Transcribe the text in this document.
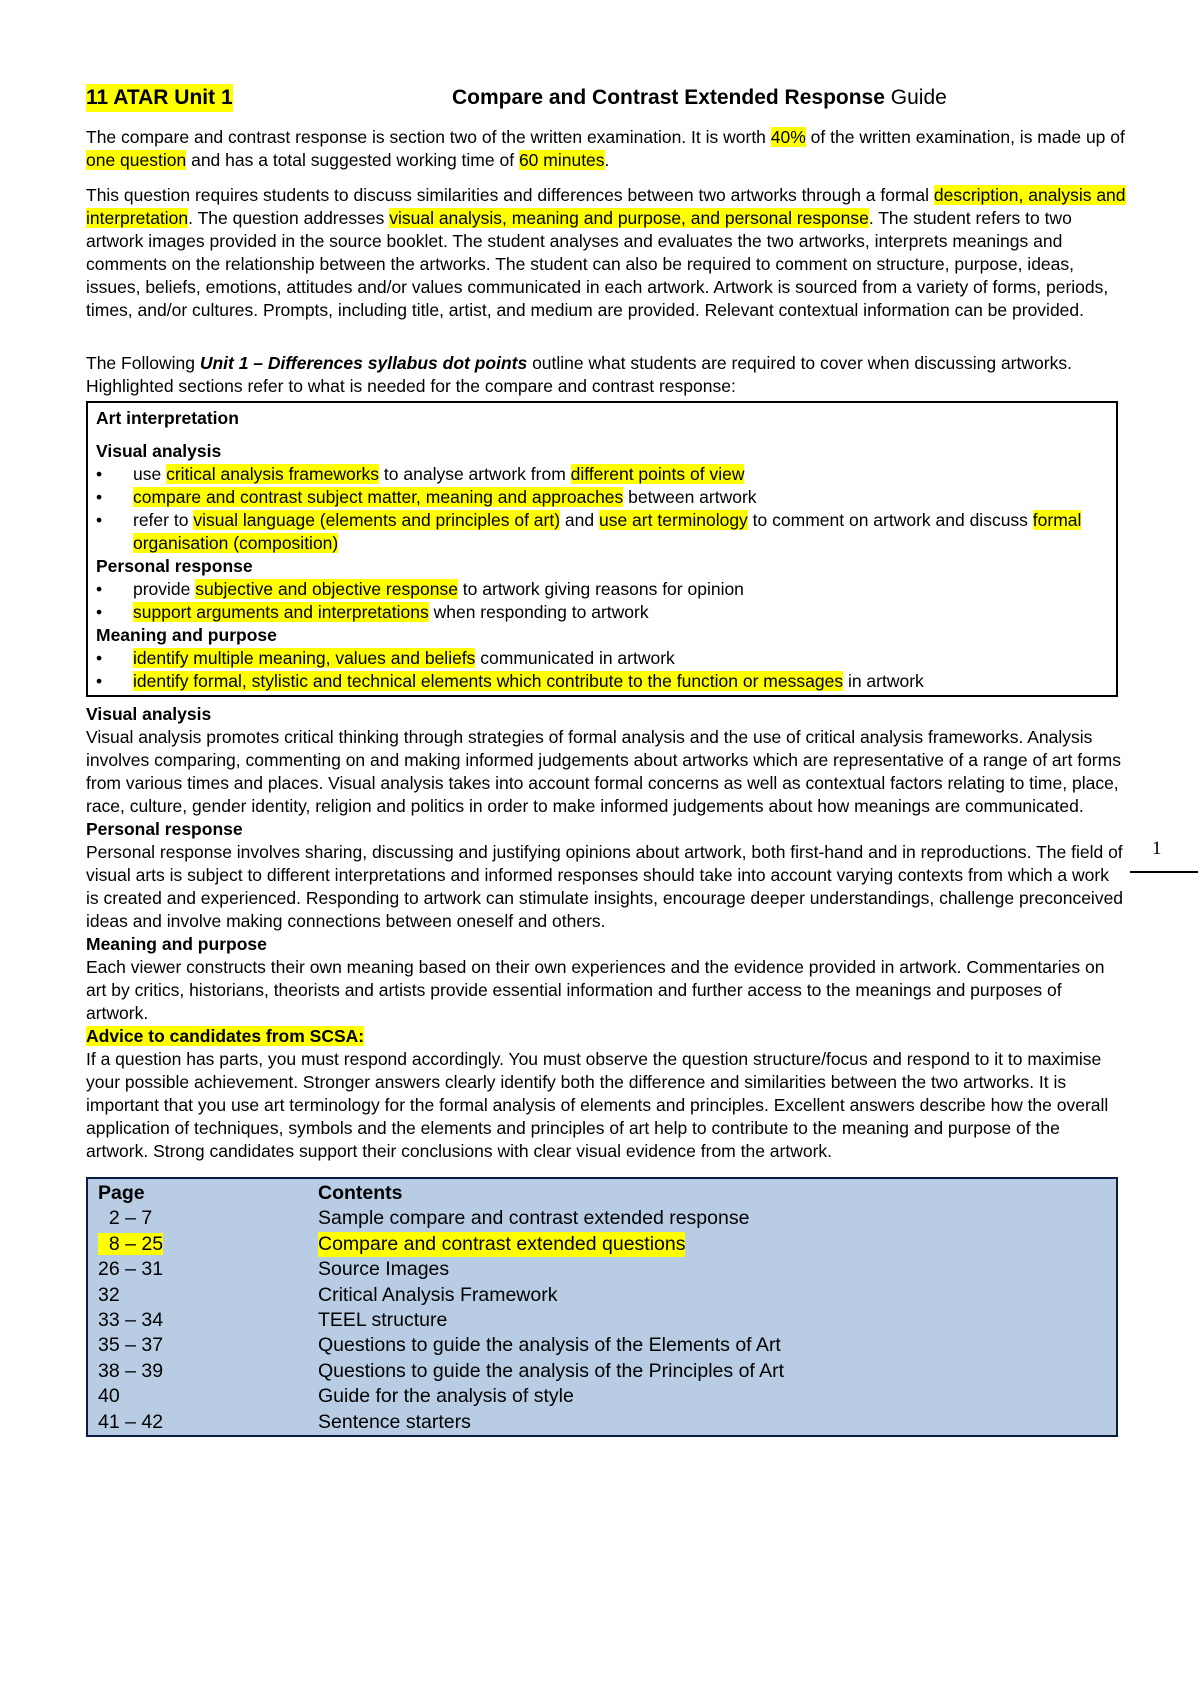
11 ATAR Unit 1	Compare and Contrast Extended Response Guide

The compare and contrast response is section two of the written examination. It is worth 40% of the written examination, is made up of one question and has a total suggested working time of 60 minutes.

This question requires students to discuss similarities and differences between two artworks through a formal description, analysis and interpretation. The question addresses visual analysis, meaning and purpose, and personal response. The student refers to two artwork images provided in the source booklet. The student analyses and evaluates the two artworks, interprets meanings and comments on the relationship between the artworks. The student can also be required to comment on structure, purpose, ideas, issues, beliefs, emotions, attitudes and/or values communicated in each artwork. Artwork is sourced from a variety of forms, periods, times, and/or cultures. Prompts, including title, artist, and medium are provided. Relevant contextual information can be provided.

The Following Unit 1 – Differences syllabus dot points outline what students are required to cover when discussing artworks. Highlighted sections refer to what is needed for the compare and contrast response:

Art interpretation
Visual analysis
• use critical analysis frameworks to analyse artwork from different points of view
• compare and contrast subject matter, meaning and approaches between artwork
• refer to visual language (elements and principles of art) and use art terminology to comment on artwork and discuss formal organisation (composition)
Personal response
• provide subjective and objective response to artwork giving reasons for opinion
• support arguments and interpretations when responding to artwork
Meaning and purpose
• identify multiple meaning, values and beliefs communicated in artwork
• identify formal, stylistic and technical elements which contribute to the function or messages in artwork
Visual analysis

Visual analysis promotes critical thinking through strategies of formal analysis and the use of critical analysis frameworks. Analysis involves comparing, commenting on and making informed judgements about artworks which are representative of a range of art forms from various times and places. Visual analysis takes into account formal concerns as well as contextual factors relating to time, place, race, culture, gender identity, religion and politics in order to make informed judgements about how meanings are communicated.

Personal response

Personal response involves sharing, discussing and justifying opinions about artwork, both first-hand and in reproductions. The field of visual arts is subject to different interpretations and informed responses should take into account varying contexts from which a work is created and experienced. Responding to artwork can stimulate insights, encourage deeper understandings, challenge preconceived ideas and involve making connections between oneself and others.

Meaning and purpose

Each viewer constructs their own meaning based on their own experiences and the evidence provided in artwork. Commentaries on art by critics, historians, theorists and artists provide essential information and further access to the meanings and purposes of artwork.

Advice to candidates from SCSA:

If a question has parts, you must respond accordingly. You must observe the question structure/focus and respond to it to maximise your possible achievement. Stronger answers clearly identify both the difference and similarities between the two artworks. It is important that you use art terminology for the formal analysis of elements and principles. Excellent answers describe how the overall application of techniques, symbols and the elements and principles of art help to contribute to the meaning and purpose of the artwork. Strong candidates support their conclusions with clear visual evidence from the artwork.

Page	Contents
2 – 7	Sample compare and contrast extended response
8 – 25	Compare and contrast extended questions
26 – 31	Source Images
32	Critical Analysis Framework
33 – 34	TEEL structure
35 – 37	Questions to guide the analysis of the Elements of Art
38 – 39	Questions to guide the analysis of the Principles of Art
40	Guide for the analysis of style
41 – 42	Sentence starters
1
